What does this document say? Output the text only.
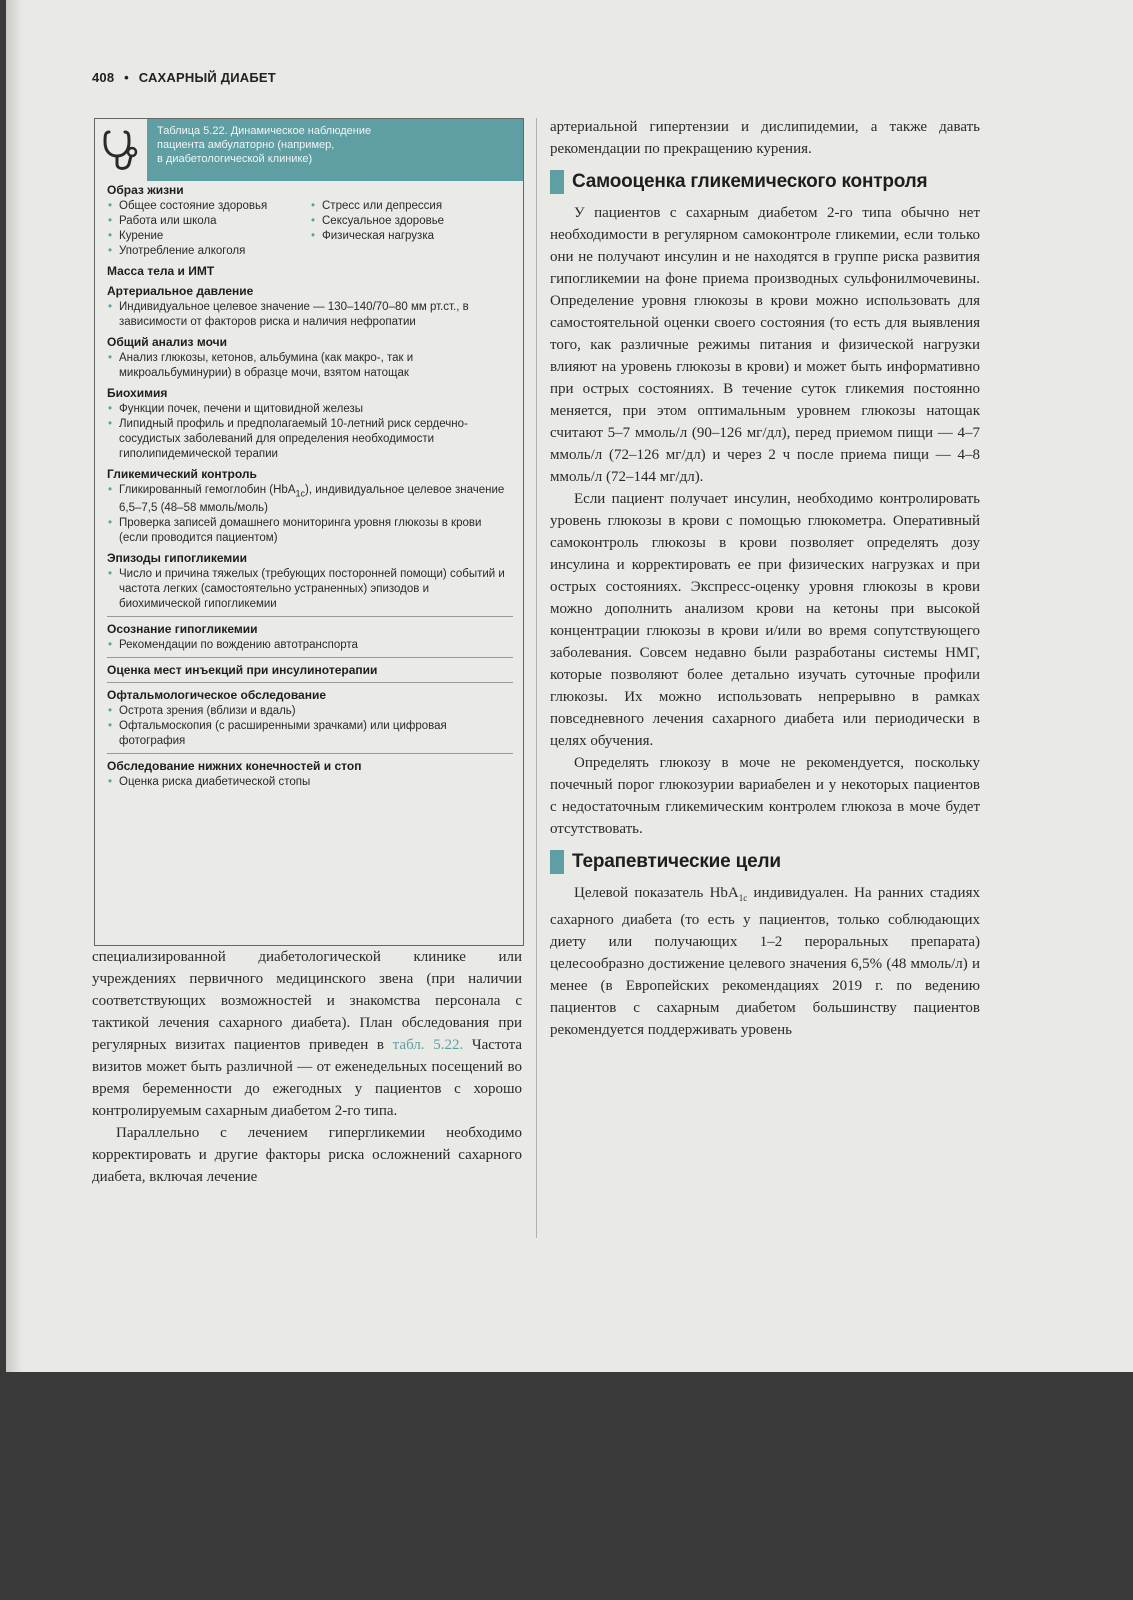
408 • САХАРНЫЙ ДИАБЕТ
Таблица 5.22. Динамическое наблюдение
пациента амбулаторно (например,
в диабетологической клинике)
Образ жизни
• Общее состояние здоровья
• Работа или школа
• Курение
• Употребление алкоголя
• Стресс или депрессия
• Сексуальное здоровье
• Физическая нагрузка
Масса тела и ИМТ
Артериальное давление
• Индивидуальное целевое значение — 130–140/70–80 мм рт.ст., в зависимости от факторов риска и наличия нефропатии
Общий анализ мочи
• Анализ глюкозы, кетонов, альбумина (как макро-, так и микроальбуминурии) в образце мочи, взятом натощак
Биохимия
• Функции почек, печени и щитовидной железы
• Липидный профиль и предполагаемый 10-летний риск сердечно-сосудистых заболеваний для определения необходимости гиполипидемической терапии
Гликемический контроль
• Гликированный гемоглобин (HbA$_{1c}$), индивидуальное целевое значение 6,5–7,5 (48–58 ммоль/моль)
• Проверка записей домашнего мониторинга уровня глюкозы в крови (если проводится пациентом)
Эпизоды гипогликемии
• Число и причина тяжелых (требующих посторонней помощи) событий и частота легких (самостоятельно устраненных) эпизодов и биохимической гипогликемии
Осознание гипогликемии
• Рекомендации по вождению автотранспорта
Оценка мест инъекций при инсулинотерапии
Офтальмологическое обследование
• Острота зрения (вблизи и вдаль)
• Офтальмоскопия (с расширенными зрачками) или цифровая фотография
Обследование нижних конечностей и стоп
• Оценка риска диабетической стопы

специализированной диабетологической клинике или учреждениях первичного медицинского звена (при наличии соответствующих возможностей и знакомства персонала с тактикой лечения сахарного диабета). План обследования при регулярных визитах пациентов приведен в табл. 5.22. Частота визитов может быть различной — от еженедельных посещений во время беременности до ежегодных у пациентов с хорошо контролируемым сахарным диабетом 2-го типа.

Параллельно с лечением гипергликемии необходимо корректировать и другие факторы риска осложнений сахарного диабета, включая лечение

артериальной гипертензии и дислипидемии, а также давать рекомендации по прекращению курения.

Самооценка гликемического контроля

У пациентов с сахарным диабетом 2-го типа обычно нет необходимости в регулярном самоконтроле гликемии, если только они не получают инсулин и не находятся в группе риска развития гипогликемии на фоне приема производных сульфонилмочевины. Определение уровня глюкозы в крови можно использовать для самостоятельной оценки своего состояния (то есть для выявления того, как различные режимы питания и физической нагрузки влияют на уровень глюкозы в крови) и может быть информативно при острых состояниях. В течение суток гликемия постоянно меняется, при этом оптимальным уровнем глюкозы натощак считают 5–7 ммоль/л (90–126 мг/дл), перед приемом пищи — 4–7 ммоль/л (72–126 мг/дл) и через 2 ч после приема пищи — 4–8 ммоль/л (72–144 мг/дл).

Если пациент получает инсулин, необходимо контролировать уровень глюкозы в крови с помощью глюкометра. Оперативный самоконтроль глюкозы в крови позволяет определять дозу инсулина и корректировать ее при физических нагрузках и при острых состояниях. Экспресс-оценку уровня глюкозы в крови можно дополнить анализом крови на кетоны при высокой концентрации глюкозы в крови и/или во время сопутствующего заболевания. Совсем недавно были разработаны системы НМГ, которые позволяют более детально изучать суточные профили глюкозы. Их можно использовать непрерывно в рамках повседневного лечения сахарного диабета или периодически в целях обучения.

Определять глюкозу в моче не рекомендуется, поскольку почечный порог глюкозурии вариабелен и у некоторых пациентов с недостаточным гликемическим контролем глюкоза в моче будет отсутствовать.

Терапевтические цели

Целевой показатель HbA$_{1c}$ индивидуален. На ранних стадиях сахарного диабета (то есть у пациентов, только соблюдающих диету или получающих 1–2 пероральных препарата) целесообразно достижение целевого значения 6,5% (48 ммоль/л) и менее (в Европейских рекомендациях 2019 г. по ведению пациентов с сахарным диабетом большинству пациентов рекомендуется поддерживать уровень
